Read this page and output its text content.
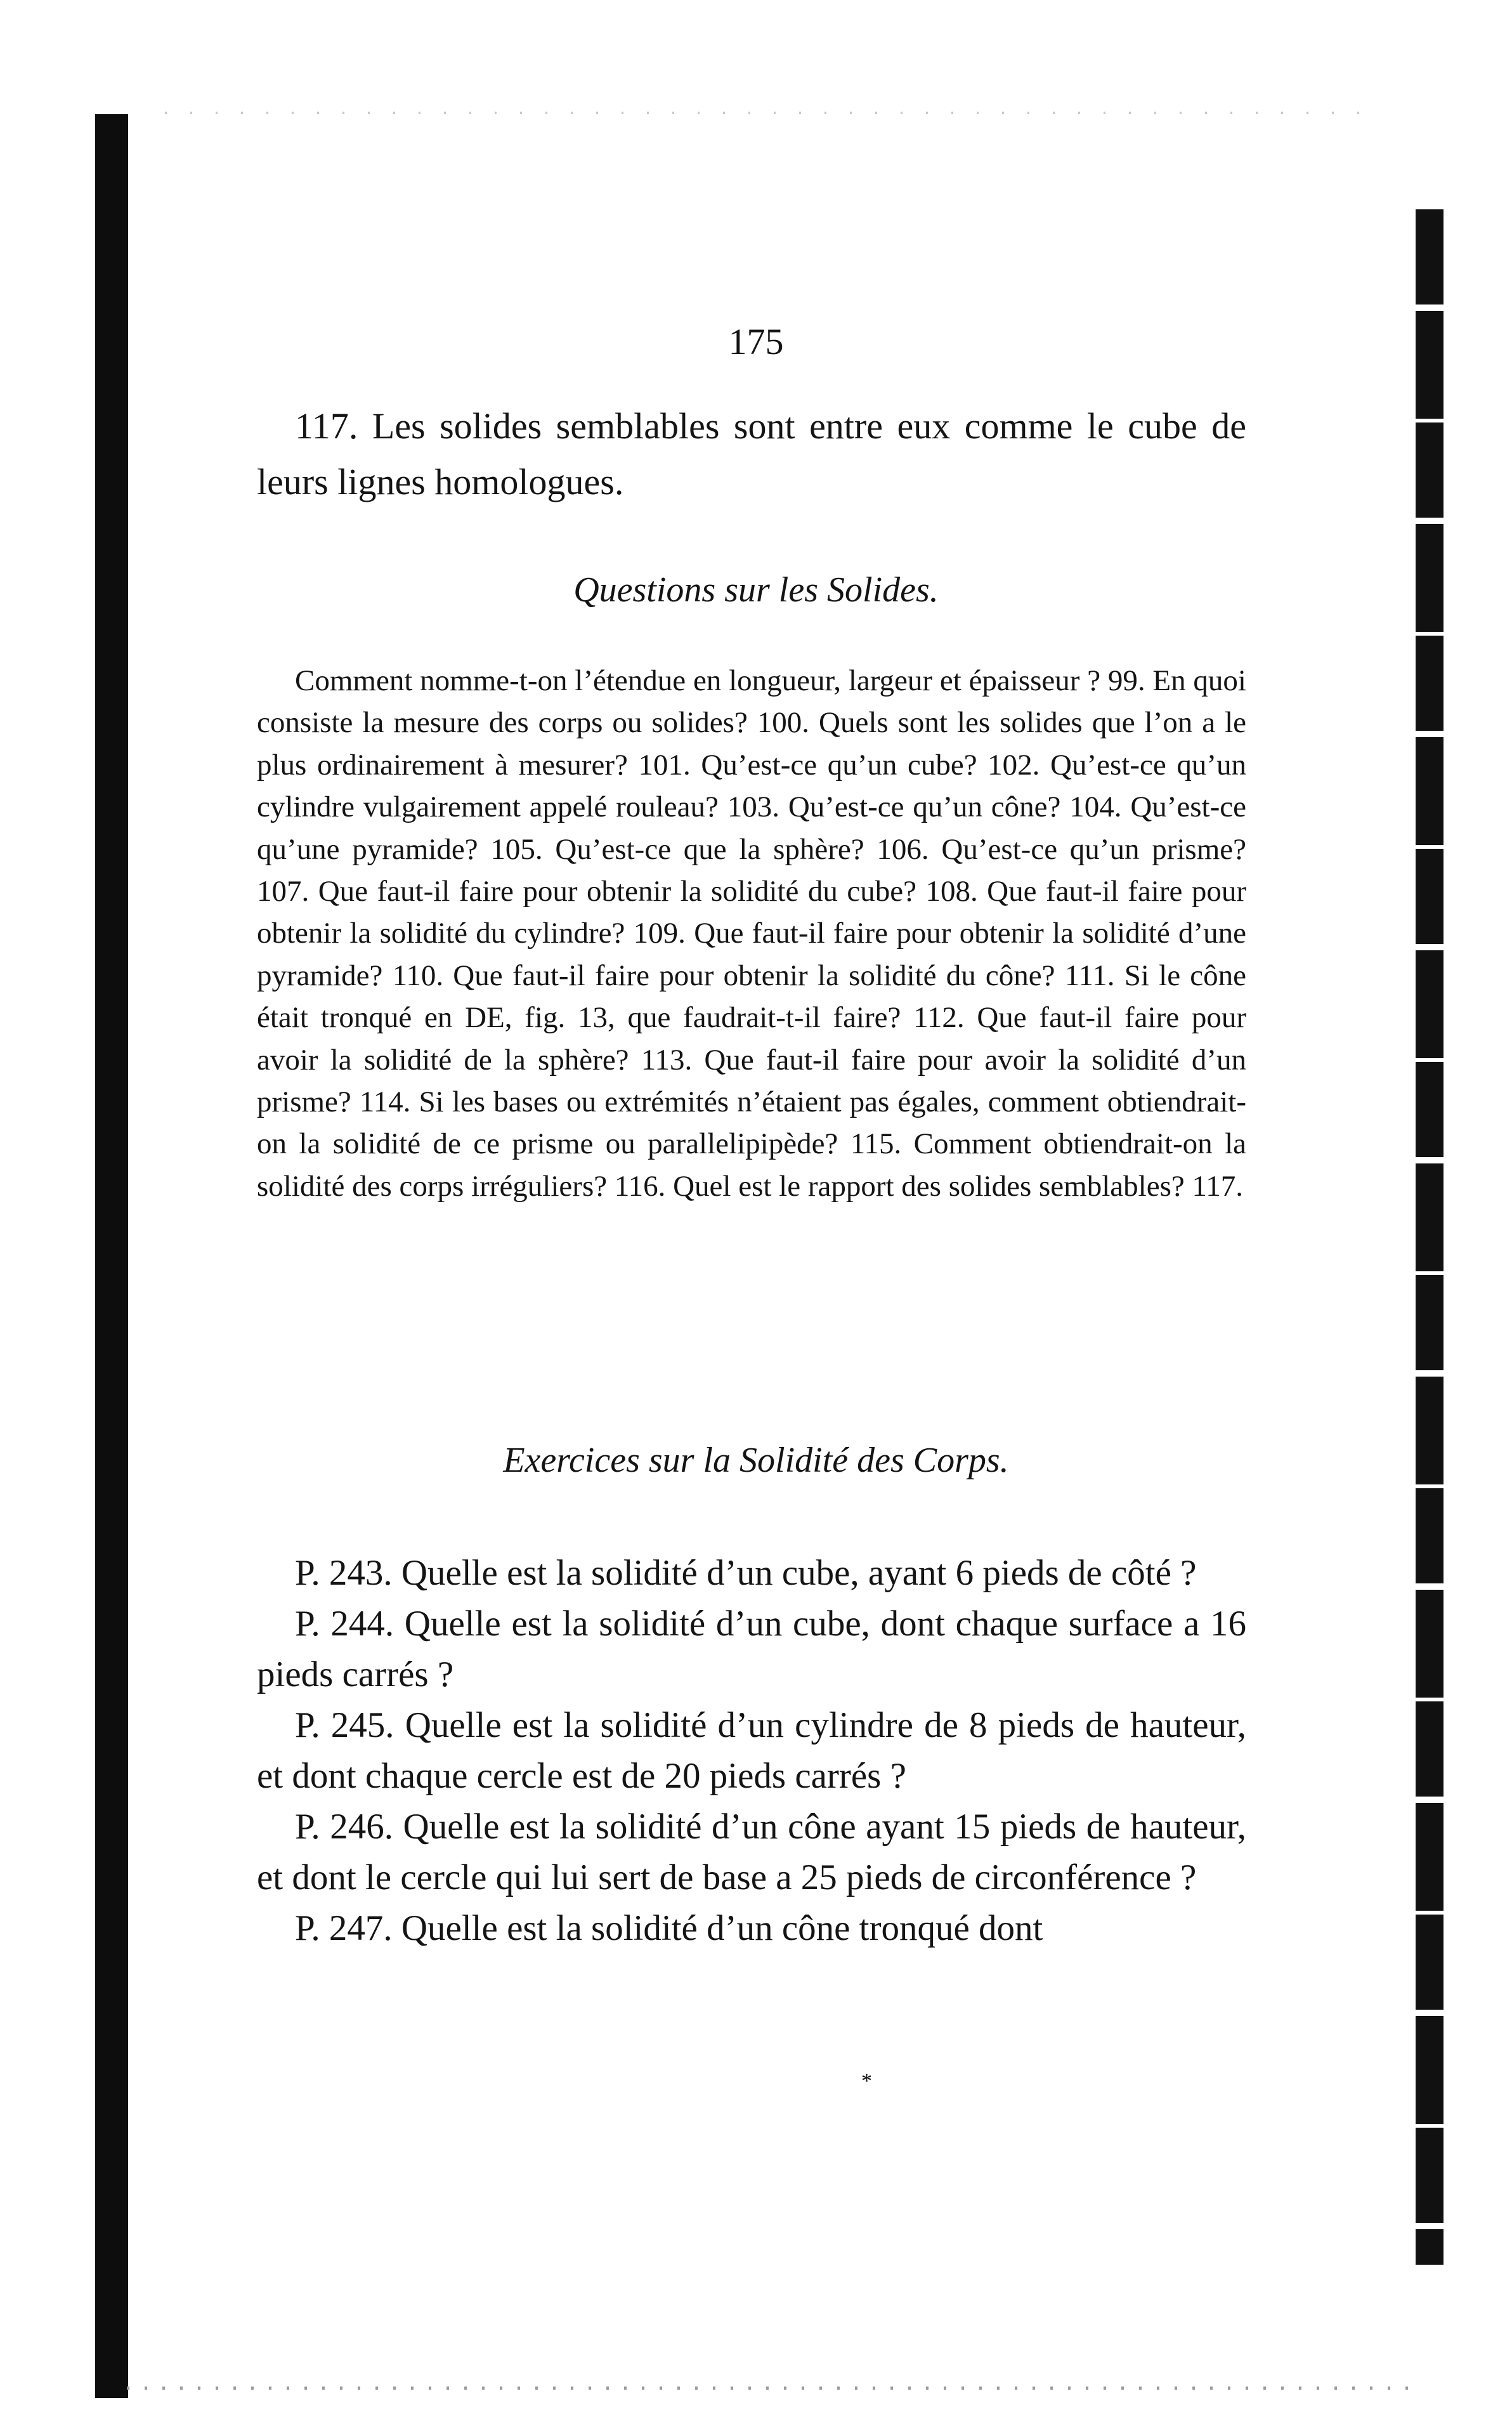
175

117. Les solides semblables sont entre eux comme le cube de leurs lignes homologues.

Questions sur les Solides.

Comment nomme-t-on l’étendue en longueur, largeur et épaisseur ? 99. En quoi consiste la mesure des corps ou solides? 100. Quels sont les solides que l’on a le plus ordinairement à mesurer? 101. Qu’est-ce qu’un cube? 102. Qu’est-ce qu’un cylindre vulgairement appelé rouleau? 103. Qu’est-ce qu’un cône? 104. Qu’est-ce qu’une pyramide? 105. Qu’est-ce que la sphère? 106. Qu’est-ce qu’un prisme? 107. Que faut-il faire pour obtenir la solidité du cube? 108. Que faut-il faire pour obtenir la solidité du cylindre? 109. Que faut-il faire pour obtenir la solidité d’une pyramide? 110. Que faut-il faire pour obtenir la solidité du cône? 111. Si le cône était tronqué en DE, fig. 13, que faudrait-t-il faire? 112. Que faut-il faire pour avoir la solidité de la sphère? 113. Que faut-il faire pour avoir la solidité d’un prisme? 114. Si les bases ou extrémités n’étaient pas égales, comment obtiendrait-on la solidité de ce prisme ou parallelipipède? 115. Comment obtiendrait-on la solidité des corps irréguliers? 116. Quel est le rapport des solides semblables? 117.

Exercices sur la Solidité des Corps.

P. 243. Quelle est la solidité d’un cube, ayant 6 pieds de côté ?

P. 244. Quelle est la solidité d’un cube, dont chaque surface a 16 pieds carrés ?

P. 245. Quelle est la solidité d’un cylindre de 8 pieds de hauteur, et dont chaque cercle est de 20 pieds carrés ?

P. 246. Quelle est la solidité d’un cône ayant 15 pieds de hauteur, et dont le cercle qui lui sert de base a 25 pieds de circonférence ?

P. 247. Quelle est la solidité d’un cône tronqué dont

*
